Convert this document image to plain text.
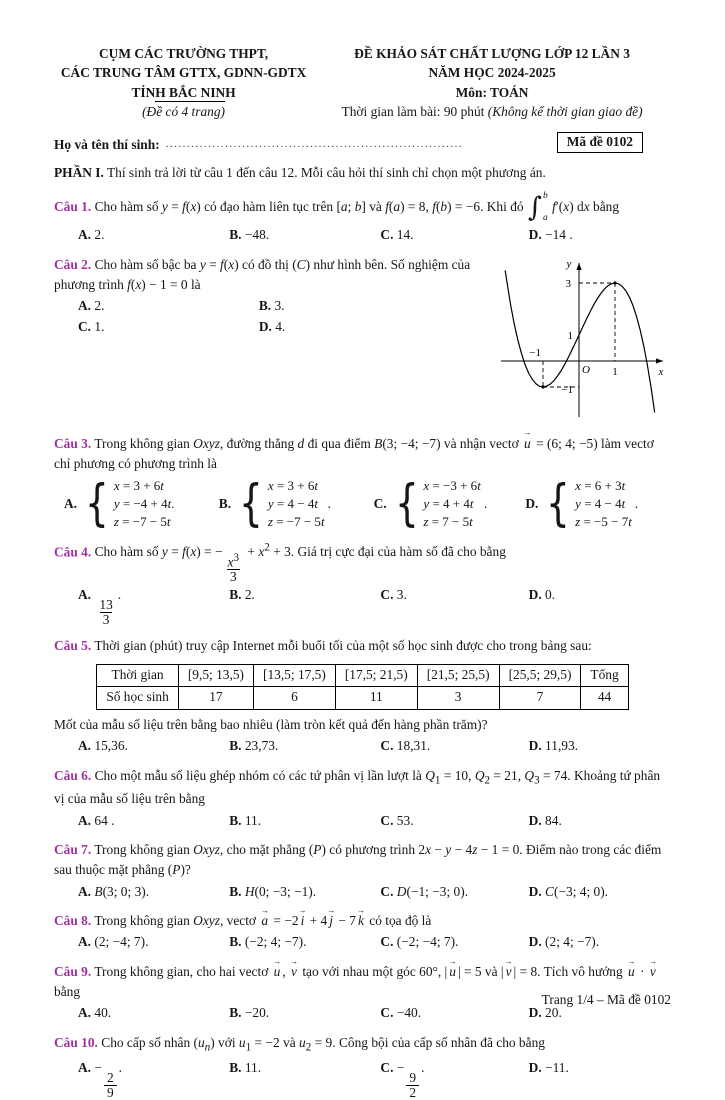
CỤM CÁC TRƯỜNG THPT,
CÁC TRUNG TÂM GTTX, GDNN-GDTX
TỈNH BẮC NINH
(Đề có 4 trang)
ĐỀ KHẢO SÁT CHẤT LƯỢNG LỚP 12 LẦN 3
NĂM HỌC 2024-2025
Môn: TOÁN
Thời gian làm bài: 90 phút (Không kể thời gian giao đề)
Họ và tên thí sinh: ......................................................................	Mã đề 0102
PHẦN I. Thí sinh trả lời từ câu 1 đến câu 12. Mỗi câu hỏi thí sinh chỉ chọn một phương án.

Câu 1. Cho hàm số y = f(x) có đạo hàm liên tục trên [a; b] và f(a) = 8, f(b) = −6. Khi đó ∫ b
a
f′(x) dx bằng

A. 2.	B. −48.	C. 14.	D. −14 .

Câu 2. Cho hàm số bậc ba y = f(x) có đồ thị (C) như hình bên. Số nghiệm của phương trình f(x) − 1 = 0 là

A. 2.	B. 3.
C. 1.	D. 4.
y
x
O
3
1
−1
1
−1

Câu 3. Trong không gian Oxyz, đường thẳng d đi qua điểm B(3; −4; −7) và nhận vectơ → u = (6; 4; −5) làm vectơ chỉ phương có phương trình là

A. { x = 3 + 6t
y = −4 + 4t.
z = −7 − 5t
B. { x = 3 + 6t
y = 4 − 4t
z = −7 − 5t
.	C. { x = −3 + 6t
y = 4 + 4t
z = 7 − 5t
.	D. { x = 6 + 3t
y = 4 − 4t
z = −5 − 7t
.

Câu 4. Cho hàm số y = f(x) = −
$\frac{x^3}{3}$
+ $x^2 + 3$. Giá trị cực đại của hàm số đã cho bằng

A.
$\frac{13}{3}$
.	B. 2.	C. 3.	D. 0.

Câu 5. Thời gian (phút) truy cập Internet mỗi buổi tối của một số học sinh được cho trong bảng sau:

Thời gian	[9,5; 13,5)	[13,5; 17,5)	[17,5; 21,5)	[21,5; 25,5)	[25,5; 29,5)	Tổng
Số học sinh	17	6	11	3	7	44

Mốt của mẫu số liệu trên bằng bao nhiêu (làm tròn kết quả đến hàng phần trăm)?

A. 15,36.	B. 23,73.	C. 18,31.	D. 11,93.

Câu 6. Cho một mẫu số liệu ghép nhóm có các tứ phân vị lần lượt là $Q_1 = 10$, $Q_2 = 21$, $Q_3 = 74$. Khoảng tứ phân vị của mẫu số liệu trên bằng

A. 64 .	B. 11.	C. 53.	D. 84.

Câu 7. Trong không gian Oxyz, cho mặt phẳng (P) có phương trình 2x − y − 4z − 1 = 0. Điểm nào trong các điểm sau thuộc mặt phẳng (P)?

A. B(3; 0; 3).	B. H(0; −3; −1).	C. D(−1; −3; 0).	D. C(−3; 4; 0).

Câu 8. Trong không gian Oxyz, vectơ → a = −2 → i + 4 → j − 7 → k có tọa độ là

A. (2; −4; 7).	B. (−2; 4; −7).	C. (−2; −4; 7).	D. (2; 4; −7).

Câu 9. Trong không gian, cho hai vectơ → u , → v tạo với nhau một góc 60°, | → u | = 5 và | → v | = 8. Tích vô hướng → u · → v bằng

A. 40.	B. −20.	C. −40.	D. 20.

Câu 10. Cho cấp số nhân $(u_n)$ với $u_1 = -2$ và $u_2 = 9$. Công bội của cấp số nhân đã cho bằng

A. −
$\frac{2}{9}$
.	B. 11.	C. −
$\frac{9}{2}$
.	D. −11.
Trang 1/4 – Mã đề 0102
